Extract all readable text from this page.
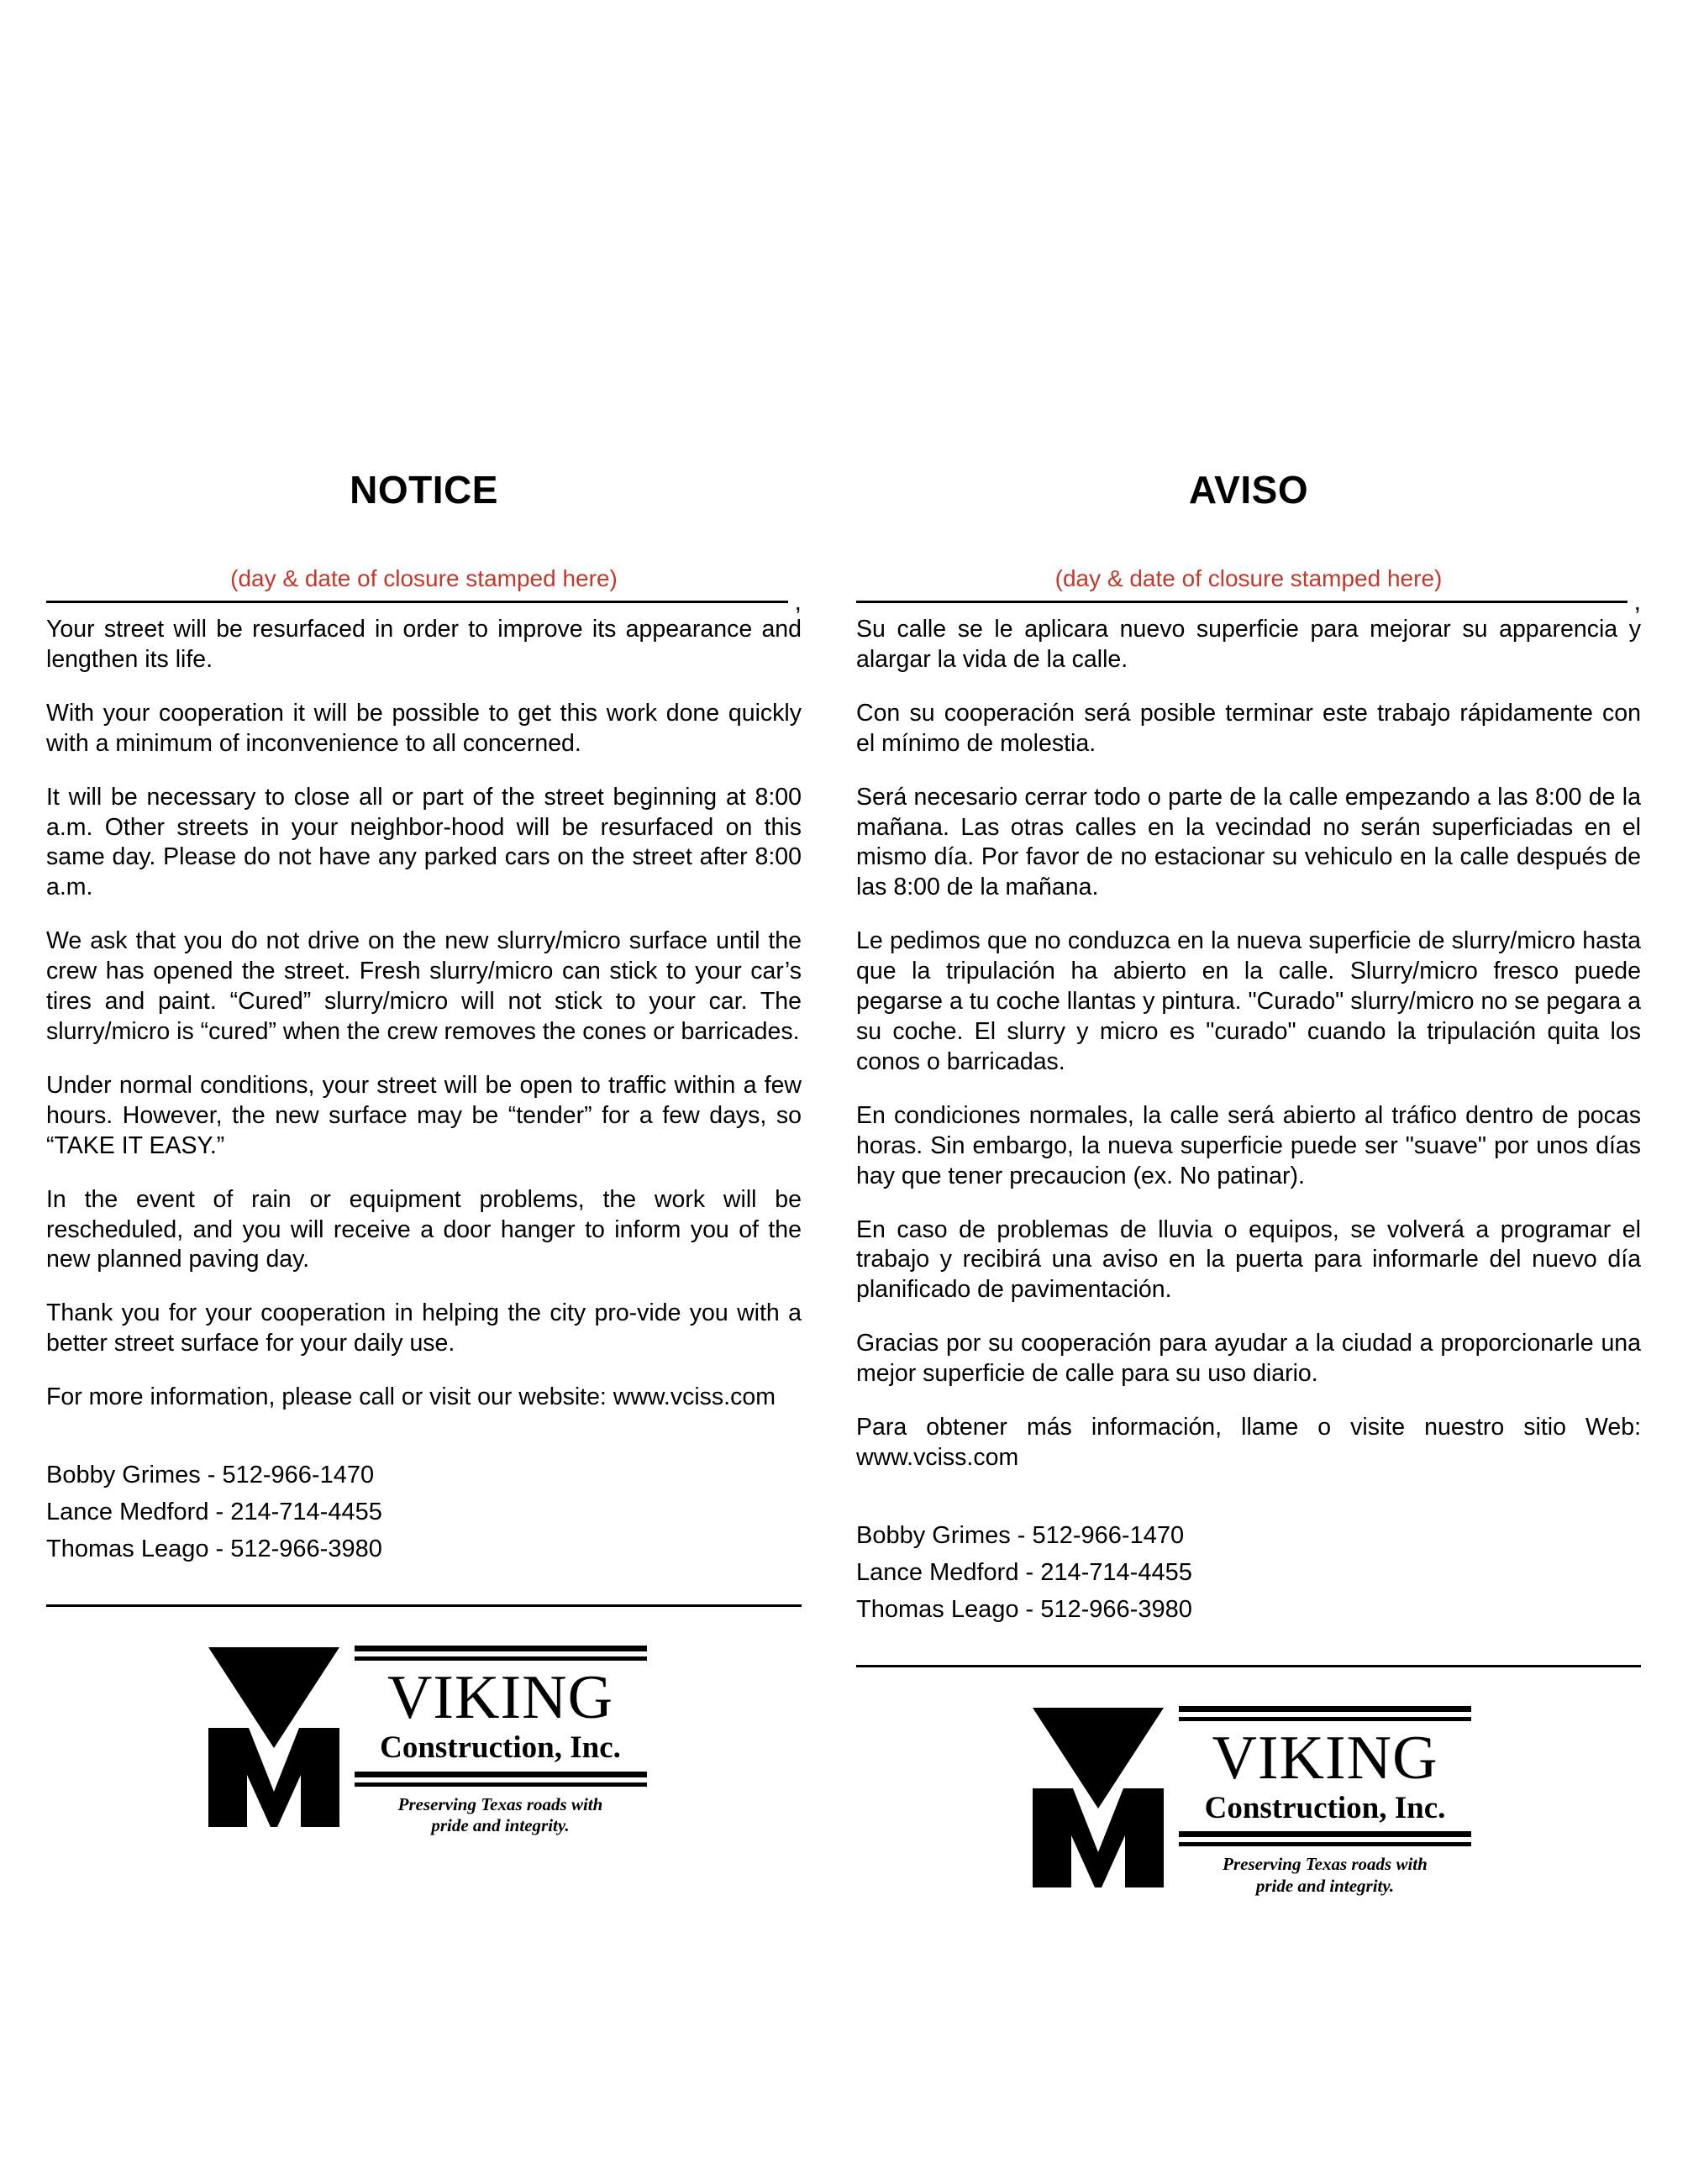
NOTICE
(day & date of closure stamped here)
,

Your street will be resurfaced in order to improve its appearance and lengthen its life.

With your cooperation it will be possible to get this work done quickly with a minimum of inconvenience to all concerned.

It will be necessary to close all or part of the street beginning at 8:00 a.m. Other streets in your neighbor-hood will be resurfaced on this same day. Please do not have any parked cars on the street after 8:00 a.m.

We ask that you do not drive on the new slurry/micro surface until the crew has opened the street. Fresh slurry/micro can stick to your car’s tires and paint. “Cured” slurry/micro will not stick to your car. The slurry/micro is “cured” when the crew removes the cones or barricades.

Under normal conditions, your street will be open to traffic within a few hours. However, the new surface may be “tender” for a few days, so “TAKE IT EASY.”

In the event of rain or equipment problems, the work will be rescheduled, and you will receive a door hanger to inform you of the new planned paving day.

Thank you for your cooperation in helping the city pro-vide you with a better street surface for your daily use.

For more information, please call or visit our website: www.vciss.com

Bobby Grimes - 512-966-1470
Lance Medford - 214-714-4455
Thomas Leago - 512-966-3980
VIKING
Construction, Inc.
Preserving Texas roads with
pride and integrity.
AVISO
(day & date of closure stamped here)
,

Su calle se le aplicara nuevo superficie para mejorar su apparencia y alargar la vida de la calle.

Con su cooperación será posible terminar este trabajo rápidamente con el mínimo de molestia.

Será necesario cerrar todo o parte de la calle empezando a las 8:00 de la mañana. Las otras calles en la vecindad no serán superficiadas en el mismo día. Por favor de no estacionar su vehiculo en la calle después de las 8:00 de la mañana.

Le pedimos que no conduzca en la nueva superficie de slurry/micro hasta que la tripulación ha abierto en la calle. Slurry/micro fresco puede pegarse a tu coche llantas y pintura. "Curado" slurry/micro no se pegara a su coche. El slurry y micro es "curado" cuando la tripulación quita los conos o barricadas.

En condiciones normales, la calle será abierto al tráfico dentro de pocas horas. Sin embargo, la nueva superficie puede ser "suave" por unos días hay que tener precaucion (ex. No patinar).

En caso de problemas de lluvia o equipos, se volverá a programar el trabajo y recibirá una aviso en la puerta para informarle del nuevo día planificado de pavimentación.

Gracias por su cooperación para ayudar a la ciudad a proporcionarle una mejor superficie de calle para su uso diario.

Para obtener más información, llame o visite nuestro sitio Web: www.vciss.com

Bobby Grimes - 512-966-1470
Lance Medford - 214-714-4455
Thomas Leago - 512-966-3980
VIKING
Construction, Inc.
Preserving Texas roads with
pride and integrity.
